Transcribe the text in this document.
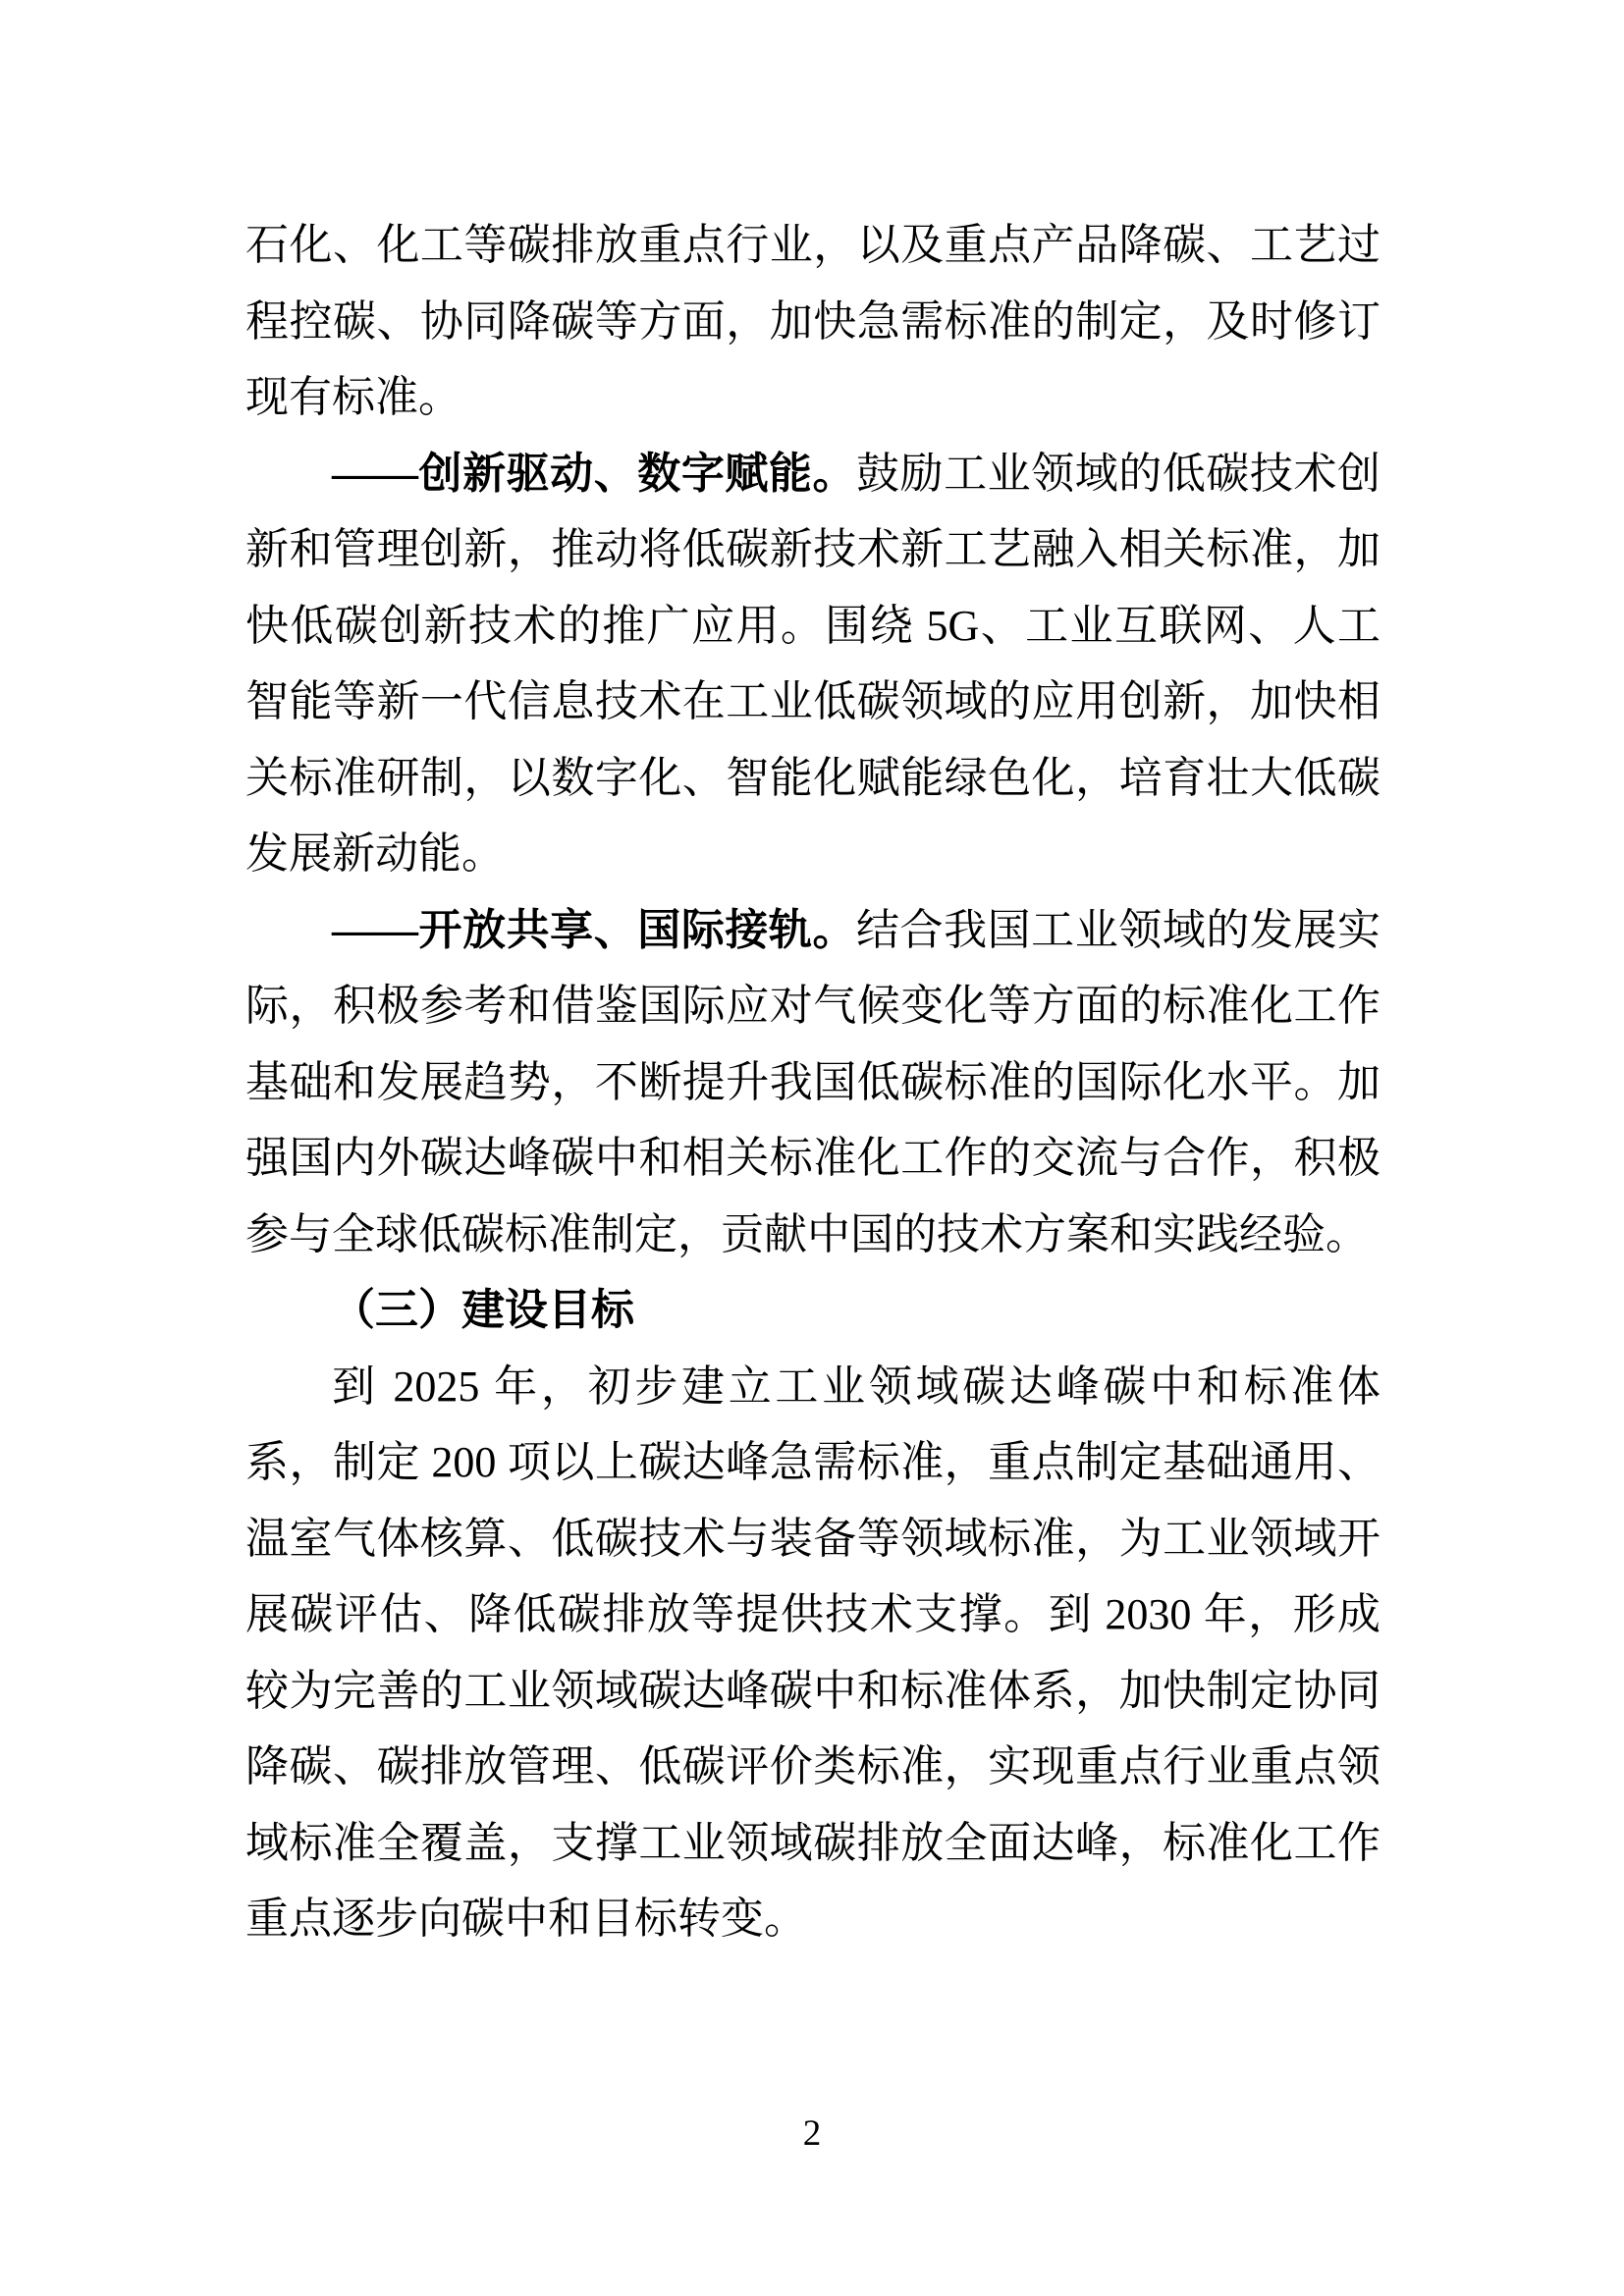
石化、化工等碳排放重点行业，以及重点产品降碳、工艺过程控碳、协同降碳等方面，加快急需标准的制定，及时修订现有标准。

——创新驱动、数字赋能。鼓励工业领域的低碳技术创新和管理创新，推动将低碳新技术新工艺融入相关标准，加快低碳创新技术的推广应用。围绕 5G、工业互联网、人工智能等新一代信息技术在工业低碳领域的应用创新，加快相关标准研制，以数字化、智能化赋能绿色化，培育壮大低碳发展新动能。

——开放共享、国际接轨。结合我国工业领域的发展实际，积极参考和借鉴国际应对气候变化等方面的标准化工作基础和发展趋势，不断提升我国低碳标准的国际化水平。加强国内外碳达峰碳中和相关标准化工作的交流与合作，积极参与全球低碳标准制定，贡献中国的技术方案和实践经验。

（三）建设目标

到 2025 年，初步建立工业领域碳达峰碳中和标准体系，制定 200 项以上碳达峰急需标准，重点制定基础通用、温室气体核算、低碳技术与装备等领域标准，为工业领域开展碳评估、降低碳排放等提供技术支撑。到 2030 年，形成较为完善的工业领域碳达峰碳中和标准体系，加快制定协同降碳、碳排放管理、低碳评价类标准，实现重点行业重点领域标准全覆盖，支撑工业领域碳排放全面达峰，标准化工作重点逐步向碳中和目标转变。

2
